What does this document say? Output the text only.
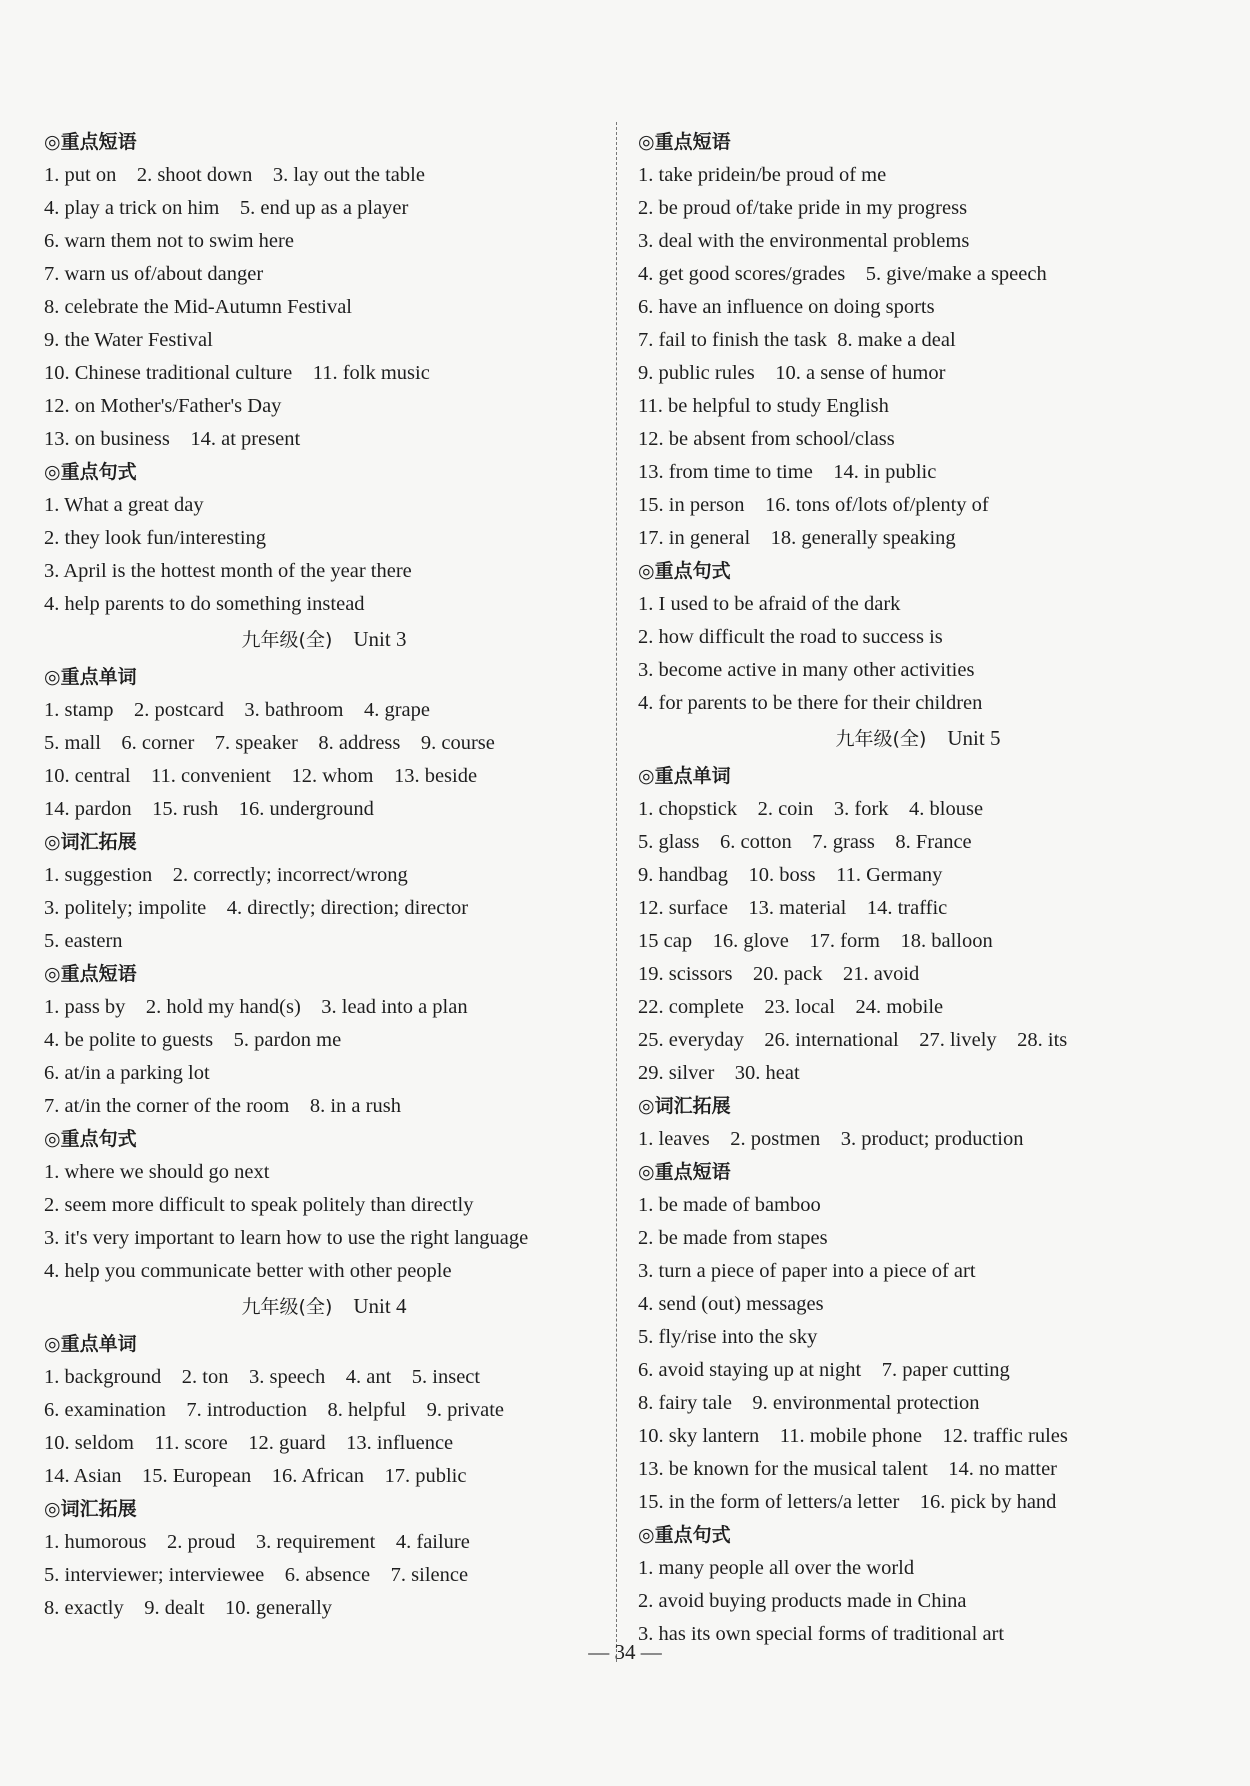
◎重点短语
1. put on    2. shoot down    3. lay out the table
4. play a trick on him    5. end up as a player
6. warn them not to swim here
7. warn us of/about danger
8. celebrate the Mid-Autumn Festival
9. the Water Festival
10. Chinese traditional culture    11. folk music
12. on Mother's/Father's Day
13. on business    14. at present
◎重点句式
1. What a great day
2. they look fun/interesting
3. April is the hottest month of the year there
4. help parents to do something instead
九年级(全)  Unit 3
◎重点单词
1. stamp    2. postcard    3. bathroom    4. grape
5. mall    6. corner    7. speaker    8. address    9. course
10. central    11. convenient    12. whom    13. beside
14. pardon    15. rush    16. underground
◎词汇拓展
1. suggestion    2. correctly; incorrect/wrong
3. politely; impolite    4. directly; direction; director
5. eastern
◎重点短语
1. pass by    2. hold my hand(s)    3. lead into a plan
4. be polite to guests    5. pardon me
6. at/in a parking lot
7. at/in the corner of the room    8. in a rush
◎重点句式
1. where we should go next
2. seem more difficult to speak politely than directly
3. it's very important to learn how to use the right language
4. help you communicate better with other people
九年级(全)  Unit 4
◎重点单词
1. background    2. ton    3. speech    4. ant    5. insect
6. examination    7. introduction    8. helpful    9. private
10. seldom    11. score    12. guard    13. influence
14. Asian    15. European    16. African    17. public
◎词汇拓展
1. humorous    2. proud    3. requirement    4. failure
5. interviewer; interviewee    6. absence    7. silence
8. exactly    9. dealt    10. generally
◎重点短语
1. take pridein/be proud of me
2. be proud of/take pride in my progress
3. deal with the environmental problems
4. get good scores/grades    5. give/make a speech
6. have an influence on doing sports
7. fail to finish the task  8. make a deal
9. public rules    10. a sense of humor
11. be helpful to study English
12. be absent from school/class
13. from time to time    14. in public
15. in person    16. tons of/lots of/plenty of
17. in general    18. generally speaking
◎重点句式
1. I used to be afraid of the dark
2. how difficult the road to success is
3. become active in many other activities
4. for parents to be there for their children
九年级(全)  Unit 5
◎重点单词
1. chopstick    2. coin    3. fork    4. blouse
5. glass    6. cotton    7. grass    8. France
9. handbag    10. boss    11. Germany
12. surface    13. material    14. traffic
15 cap    16. glove    17. form    18. balloon
19. scissors    20. pack    21. avoid
22. complete    23. local    24. mobile
25. everyday    26. international    27. lively    28. its
29. silver    30. heat
◎词汇拓展
1. leaves    2. postmen    3. product; production
◎重点短语
1. be made of bamboo
2. be made from stapes
3. turn a piece of paper into a piece of art
4. send (out) messages
5. fly/rise into the sky
6. avoid staying up at night    7. paper cutting
8. fairy tale    9. environmental protection
10. sky lantern    11. mobile phone    12. traffic rules
13. be known for the musical talent    14. no matter
15. in the form of letters/a letter    16. pick by hand
◎重点句式
1. many people all over the world
2. avoid buying products made in China
3. has its own special forms of traditional art
— 34 —
